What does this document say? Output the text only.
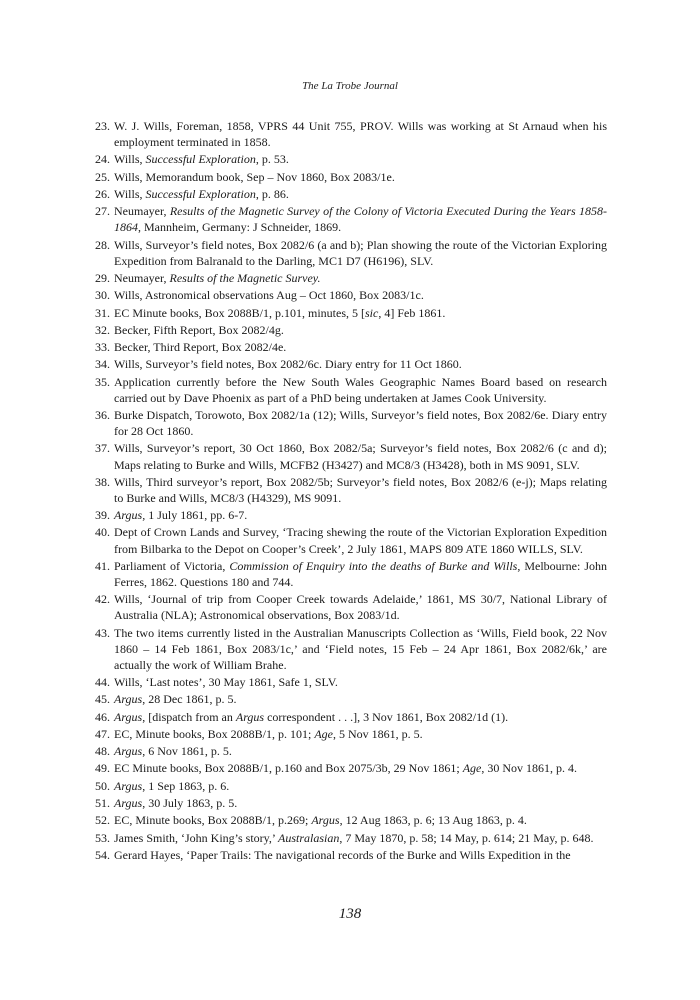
The La Trobe Journal
23. W. J. Wills, Foreman, 1858, VPRS 44 Unit 755, PROV. Wills was working at St Arnaud when his employment terminated in 1858.
24. Wills, Successful Exploration, p. 53.
25. Wills, Memorandum book, Sep – Nov 1860, Box 2083/1e.
26. Wills, Successful Exploration, p. 86.
27. Neumayer, Results of the Magnetic Survey of the Colony of Victoria Executed During the Years 1858-1864, Mannheim, Germany: J Schneider, 1869.
28. Wills, Surveyor’s field notes, Box 2082/6 (a and b); Plan showing the route of the Victorian Exploring Expedition from Balranald to the Darling, MC1 D7 (H6196), SLV.
29. Neumayer, Results of the Magnetic Survey.
30. Wills, Astronomical observations Aug – Oct 1860, Box 2083/1c.
31. EC Minute books, Box 2088B/1, p.101, minutes, 5 [sic, 4] Feb 1861.
32. Becker, Fifth Report, Box 2082/4g.
33. Becker, Third Report, Box 2082/4e.
34. Wills, Surveyor’s field notes, Box 2082/6c. Diary entry for 11 Oct 1860.
35. Application currently before the New South Wales Geographic Names Board based on research carried out by Dave Phoenix as part of a PhD being undertaken at James Cook University.
36. Burke Dispatch, Torowoto, Box 2082/1a (12); Wills, Surveyor’s field notes, Box 2082/6e. Diary entry for 28 Oct 1860.
37. Wills, Surveyor’s report, 30 Oct 1860, Box 2082/5a; Surveyor’s field notes, Box 2082/6 (c and d); Maps relating to Burke and Wills, MCFB2 (H3427) and MC8/3 (H3428), both in MS 9091, SLV.
38. Wills, Third surveyor’s report, Box 2082/5b; Surveyor’s field notes, Box 2082/6 (e-j); Maps relating to Burke and Wills, MC8/3 (H4329), MS 9091.
39. Argus, 1 July 1861, pp. 6-7.
40. Dept of Crown Lands and Survey, ‘Tracing shewing the route of the Victorian Exploration Expedition from Bilbarka to the Depot on Cooper’s Creek’, 2 July 1861, MAPS 809 ATE 1860 WILLS, SLV.
41. Parliament of Victoria, Commission of Enquiry into the deaths of Burke and Wills, Melbourne: John Ferres, 1862. Questions 180 and 744.
42. Wills, ‘Journal of trip from Cooper Creek towards Adelaide,’ 1861, MS 30/7, National Library of Australia (NLA); Astronomical observations, Box 2083/1d.
43. The two items currently listed in the Australian Manuscripts Collection as ‘Wills, Field book, 22 Nov 1860 – 14 Feb 1861, Box 2083/1c,’ and ‘Field notes, 15 Feb – 24 Apr 1861, Box 2082/6k,’ are actually the work of William Brahe.
44. Wills, ‘Last notes’, 30 May 1861, Safe 1, SLV.
45. Argus, 28 Dec 1861, p. 5.
46. Argus, [dispatch from an Argus correspondent . . .], 3 Nov 1861, Box 2082/1d (1).
47. EC, Minute books, Box 2088B/1, p. 101; Age, 5 Nov 1861, p. 5.
48. Argus, 6 Nov 1861, p. 5.
49. EC Minute books, Box 2088B/1, p.160 and Box 2075/3b, 29 Nov 1861; Age, 30 Nov 1861, p. 4.
50. Argus, 1 Sep 1863, p. 6.
51. Argus, 30 July 1863, p. 5.
52. EC, Minute books, Box 2088B/1, p.269; Argus, 12 Aug 1863, p. 6; 13 Aug 1863, p. 4.
53. James Smith, ‘John King’s story,’ Australasian, 7 May 1870, p. 58; 14 May, p. 614; 21 May, p. 648.
54. Gerard Hayes, ‘Paper Trails: The navigational records of the Burke and Wills Expedition in the
138
